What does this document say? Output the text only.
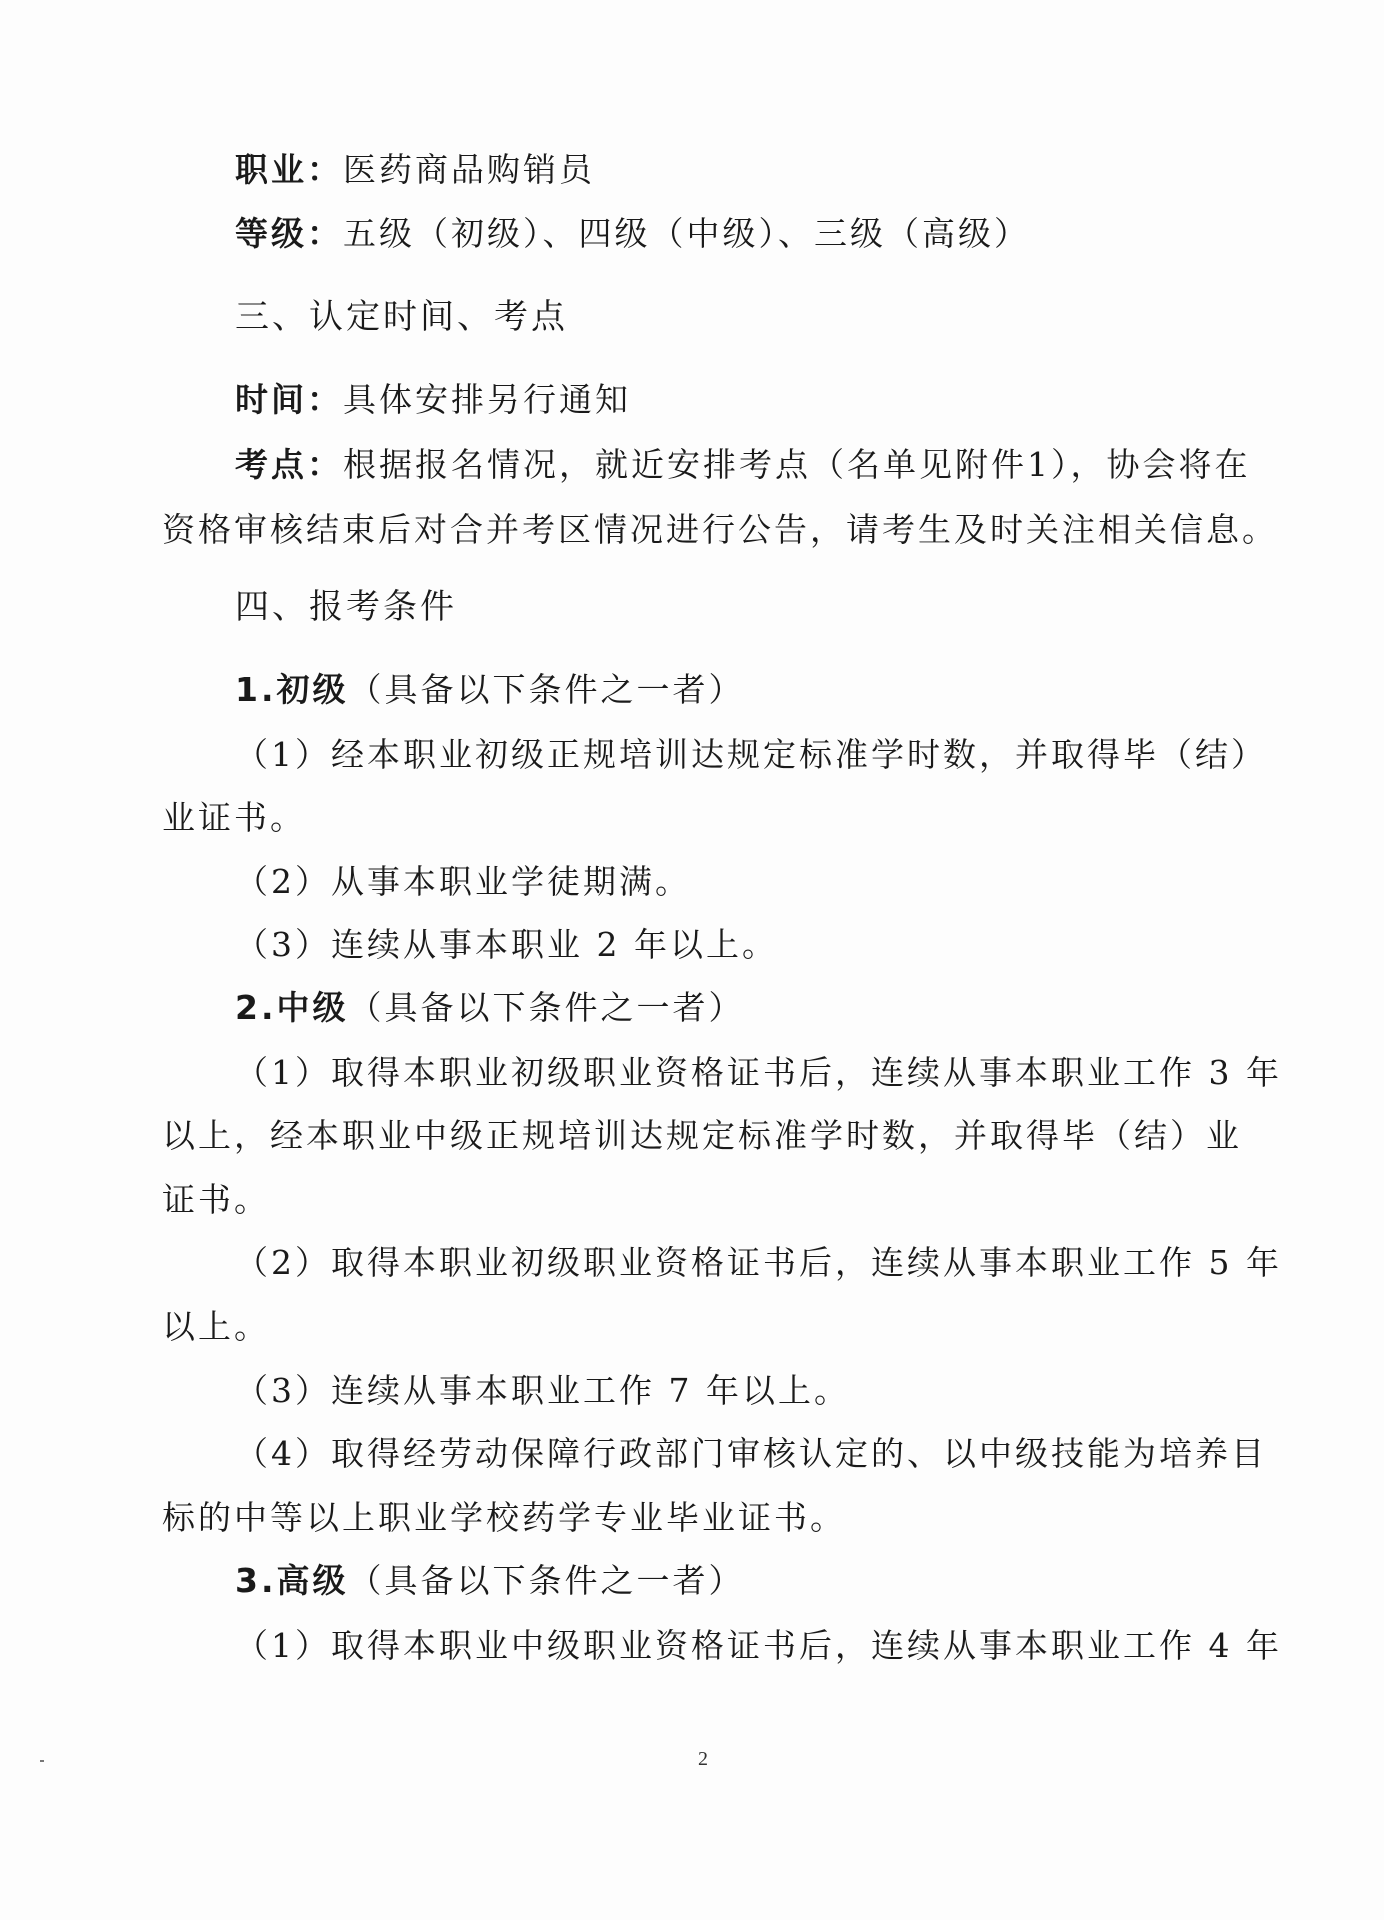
职业：医药商品购销员
等级：五级（初级）、四级（中级）、三级（高级）
三、认定时间、考点
时间：具体安排另行通知
考点：根据报名情况，就近安排考点（名单见附件1），协会将在
资格审核结束后对合并考区情况进行公告，请考生及时关注相关信息。
四、报考条件
1.初级（具备以下条件之一者）
（1）经本职业初级正规培训达规定标准学时数，并取得毕（结）
业证书。
（2）从事本职业学徒期满。
（3）连续从事本职业 2 年以上。
2.中级（具备以下条件之一者）
（1）取得本职业初级职业资格证书后，连续从事本职业工作 3 年
以上，经本职业中级正规培训达规定标准学时数，并取得毕（结）业
证书。
（2）取得本职业初级职业资格证书后，连续从事本职业工作 5 年
以上。
（3）连续从事本职业工作 7 年以上。
（4）取得经劳动保障行政部门审核认定的、以中级技能为培养目
标的中等以上职业学校药学专业毕业证书。
3.高级（具备以下条件之一者）
（1）取得本职业中级职业资格证书后，连续从事本职业工作 4 年
2
